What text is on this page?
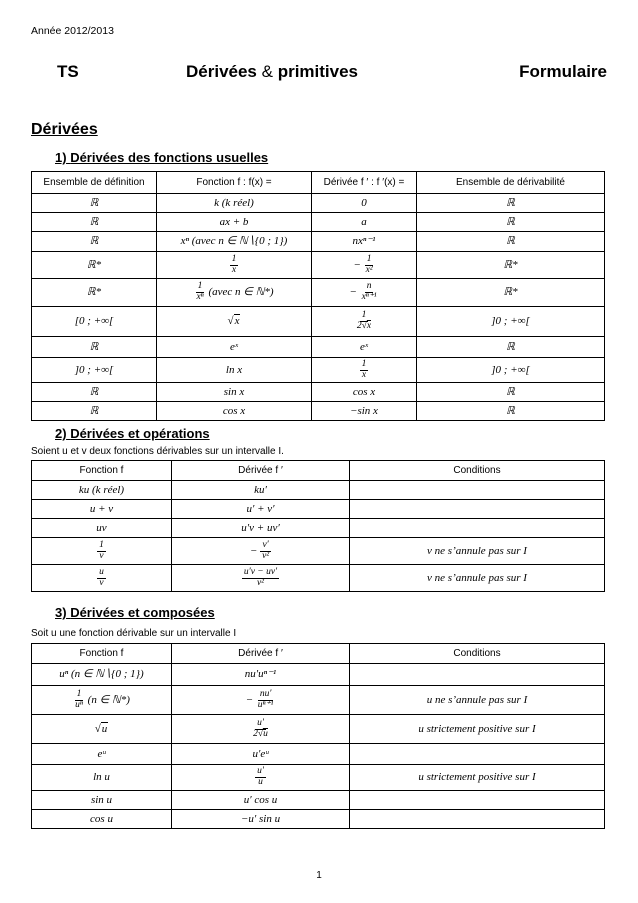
Année 2012/2013
TS	Dérivées & primitives	Formulaire
Dérivées
1) Dérivées des fonctions usuelles
Ensemble de définition	Fonction f : f(x) =	Dérivée f ′ : f ′(x) =	Ensemble de dérivabilité
ℝ	k (k réel)	0	ℝ
ℝ	ax + b	a	ℝ
ℝ	xⁿ (avec n ∈ ℕ∖{0 ; 1})	nxⁿ⁻¹	ℝ
ℝ*	$\frac{1}{x}$	− $\frac{1}{\text{x²}}$	ℝ*
ℝ*	$\frac{1}{\text{xⁿ}}$ (avec n ∈ ℕ*)	− $\frac{n}{\text{xⁿ⁺¹}}$	ℝ*
[0 ; +∞[	√x	$\frac{1}{2√x}$	]0 ; +∞[
ℝ	eˣ	eˣ	ℝ
]0 ; +∞[	ln x	$\frac{1}{x}$	]0 ; +∞[
ℝ	sin x	cos x	ℝ
ℝ	cos x	−sin x	ℝ
2) Dérivées et opérations
Soient u et v deux fonctions dérivables sur un intervalle I.
Fonction f	Dérivée f ′	Conditions
ku (k réel)	ku′	
u + v	u′ + v′	
uv	u′v + uv′	

$\frac{1}{v}$	− $\frac{v'}{\text{v²}}$	v ne s’annule pas sur I

$\frac{u}{v}$	$\frac{u'v - uv'}{\text{v²}}$	v ne s’annule pas sur I
3) Dérivées et composées
Soit u une fonction dérivable sur un intervalle I
Fonction f	Dérivée f ′	Conditions
uⁿ (n ∈ ℕ∖{0 ; 1})	nu′uⁿ⁻¹	

$\frac{1}{\text{uⁿ}} (n$ ∈ ℕ*)	− $\frac{nu'}{\text{uⁿ⁺¹}}$	u ne s’annule pas sur I
√u	$\frac{u'}{2√u}$	u strictement positive sur I
eᵘ	u′eᵘ	
ln u	$\frac{u'}{u}$	u strictement positive sur I
sin u	u′ cos u	
cos u	−u′ sin u	
1
